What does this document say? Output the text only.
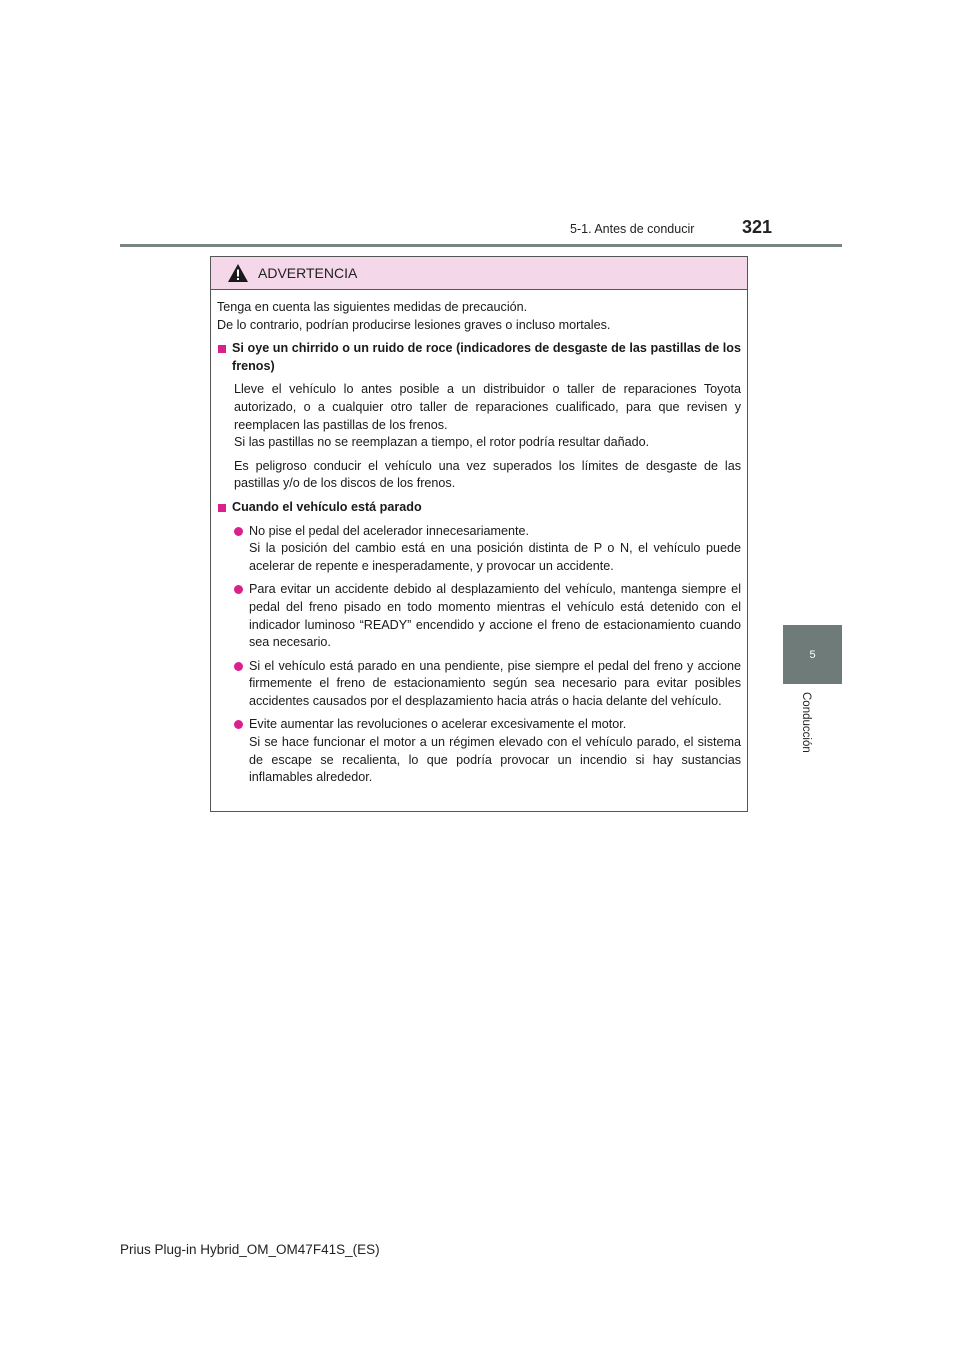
5-1. Antes de conducir	321
5
Conducción
ADVERTENCIA

Tenga en cuenta las siguientes medidas de precaución.

De lo contrario, podrían producirse lesiones graves o incluso mortales.

Si oye un chirrido o un ruido de roce (indicadores de desgaste de las pastillas de los frenos)

Lleve el vehículo lo antes posible a un distribuidor o taller de reparaciones Toyota autorizado, o a cualquier otro taller de reparaciones cualificado, para que revisen y reemplacen las pastillas de los frenos.
Si las pastillas no se reemplazan a tiempo, el rotor podría resultar dañado.

Es peligroso conducir el vehículo una vez superados los límites de desgaste de las pastillas y/o de los discos de los frenos.

Cuando el vehículo está parado
No pise el pedal del acelerador innecesariamente.
Si la posición del cambio está en una posición distinta de P o N, el vehículo puede acelerar de repente e inesperadamente, y provocar un accidente.
Para evitar un accidente debido al desplazamiento del vehículo, mantenga siempre el pedal del freno pisado en todo momento mientras el vehículo está detenido con el indicador luminoso “READY” encendido y accione el freno de estacionamiento cuando sea necesario.
Si el vehículo está parado en una pendiente, pise siempre el pedal del freno y accione firmemente el freno de estacionamiento según sea necesario para evitar posibles accidentes causados por el desplazamiento hacia atrás o hacia delante del vehículo.
Evite aumentar las revoluciones o acelerar excesivamente el motor.
Si se hace funcionar el motor a un régimen elevado con el vehículo parado, el sistema de escape se recalienta, lo que podría provocar un incendio si hay sustancias inflamables alrededor.
Prius Plug-in Hybrid_OM_OM47F41S_(ES)
